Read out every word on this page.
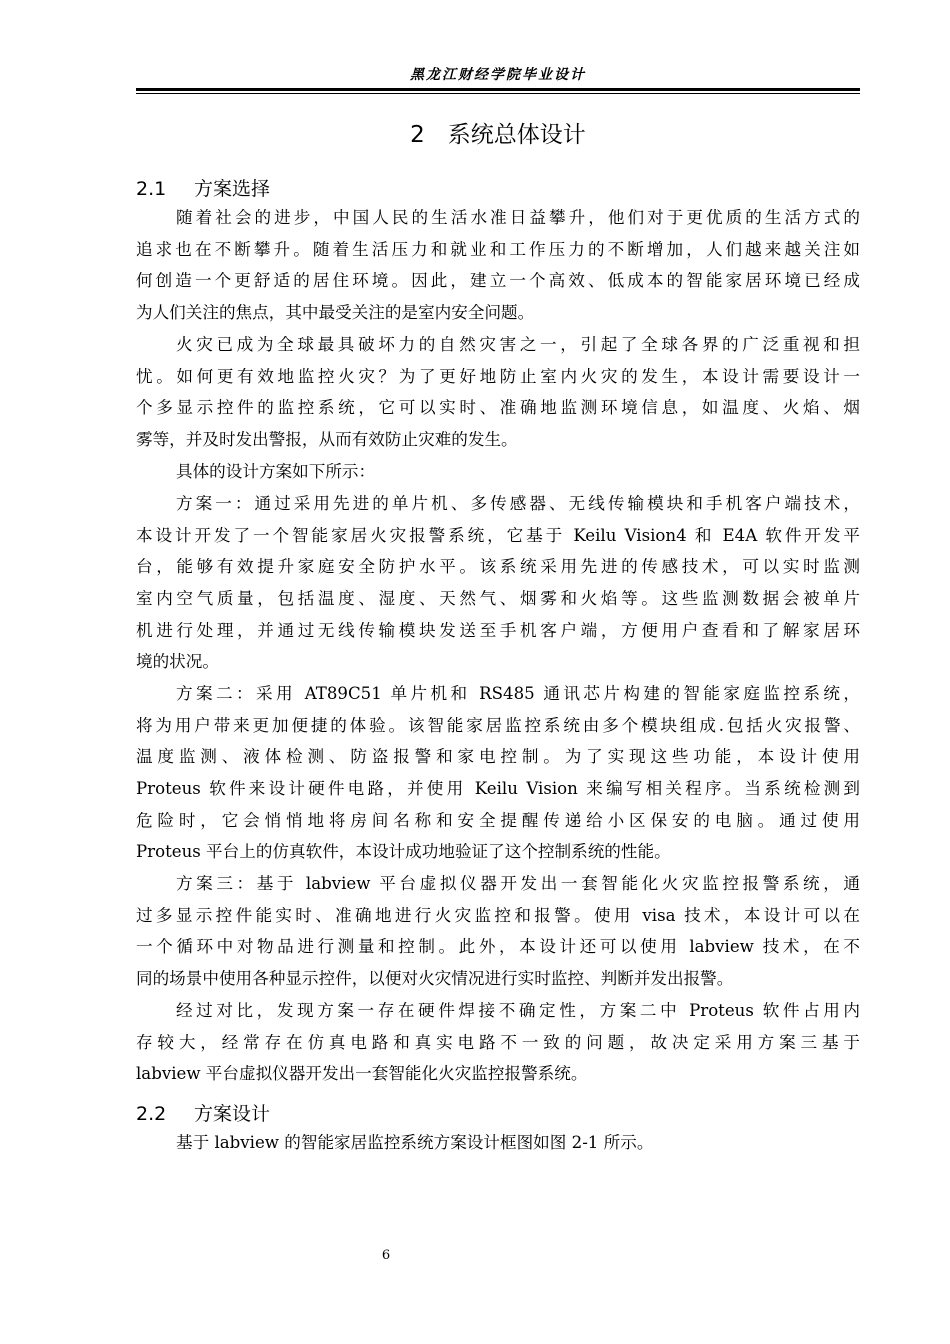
黑龙江财经学院毕业设计
2　系统总体设计
2.1 方案选择
随着社会的进步，中国人民的生活水准日益攀升，他们对于更优质的生活方式的
追求也在不断攀升。随着生活压力和就业和工作压力的不断增加，人们越来越关注如
何创造一个更舒适的居住环境。因此，建立一个高效、低成本的智能家居环境已经成
为人们关注的焦点，其中最受关注的是室内安全问题。
火灾已成为全球最具破坏力的自然灾害之一，引起了全球各界的广泛重视和担
忧。如何更有效地监控火灾？为了更好地防止室内火灾的发生，本设计需要设计一
个多显示控件的监控系统，它可以实时、准确地监测环境信息，如温度、火焰、烟
雾等，并及时发出警报，从而有效防止灾难的发生。
具体的设计方案如下所示：
方案一：通过采用先进的单片机、多传感器、无线传输模块和手机客户端技术，
本设计开发了一个智能家居火灾报警系统，它基于 Keilu Vision4 和 E4A 软件开发平
台，能够有效提升家庭安全防护水平。该系统采用先进的传感技术，可以实时监测
室内空气质量，包括温度、湿度、天然气、烟雾和火焰等。这些监测数据会被单片
机进行处理，并通过无线传输模块发送至手机客户端，方便用户查看和了解家居环
境的状况。
方案二：采用 AT89C51 单片机和 RS485 通讯芯片构建的智能家庭监控系统，
将为用户带来更加便捷的体验。该智能家居监控系统由多个模块组成.包括火灾报警、
温度监测、液体检测、防盗报警和家电控制。为了实现这些功能，本设计使用
Proteus 软件来设计硬件电路，并使用 Keilu Vision 来编写相关程序。当系统检测到
危险时，它会悄悄地将房间名称和安全提醒传递给小区保安的电脑。通过使用
Proteus 平台上的仿真软件，本设计成功地验证了这个控制系统的性能。
方案三：基于 labview 平台虚拟仪器开发出一套智能化火灾监控报警系统，通
过多显示控件能实时、准确地进行火灾监控和报警。使用 visa 技术，本设计可以在
一个循环中对物品进行测量和控制。此外，本设计还可以使用 labview 技术，在不
同的场景中使用各种显示控件，以便对火灾情况进行实时监控、判断并发出报警。
经过对比，发现方案一存在硬件焊接不确定性，方案二中 Proteus 软件占用内
存较大，经常存在仿真电路和真实电路不一致的问题，故决定采用方案三基于
labview 平台虚拟仪器开发出一套智能化火灾监控报警系统。
2.2 方案设计
基于 labview 的智能家居监控系统方案设计框图如图 2-1 所示。
6
